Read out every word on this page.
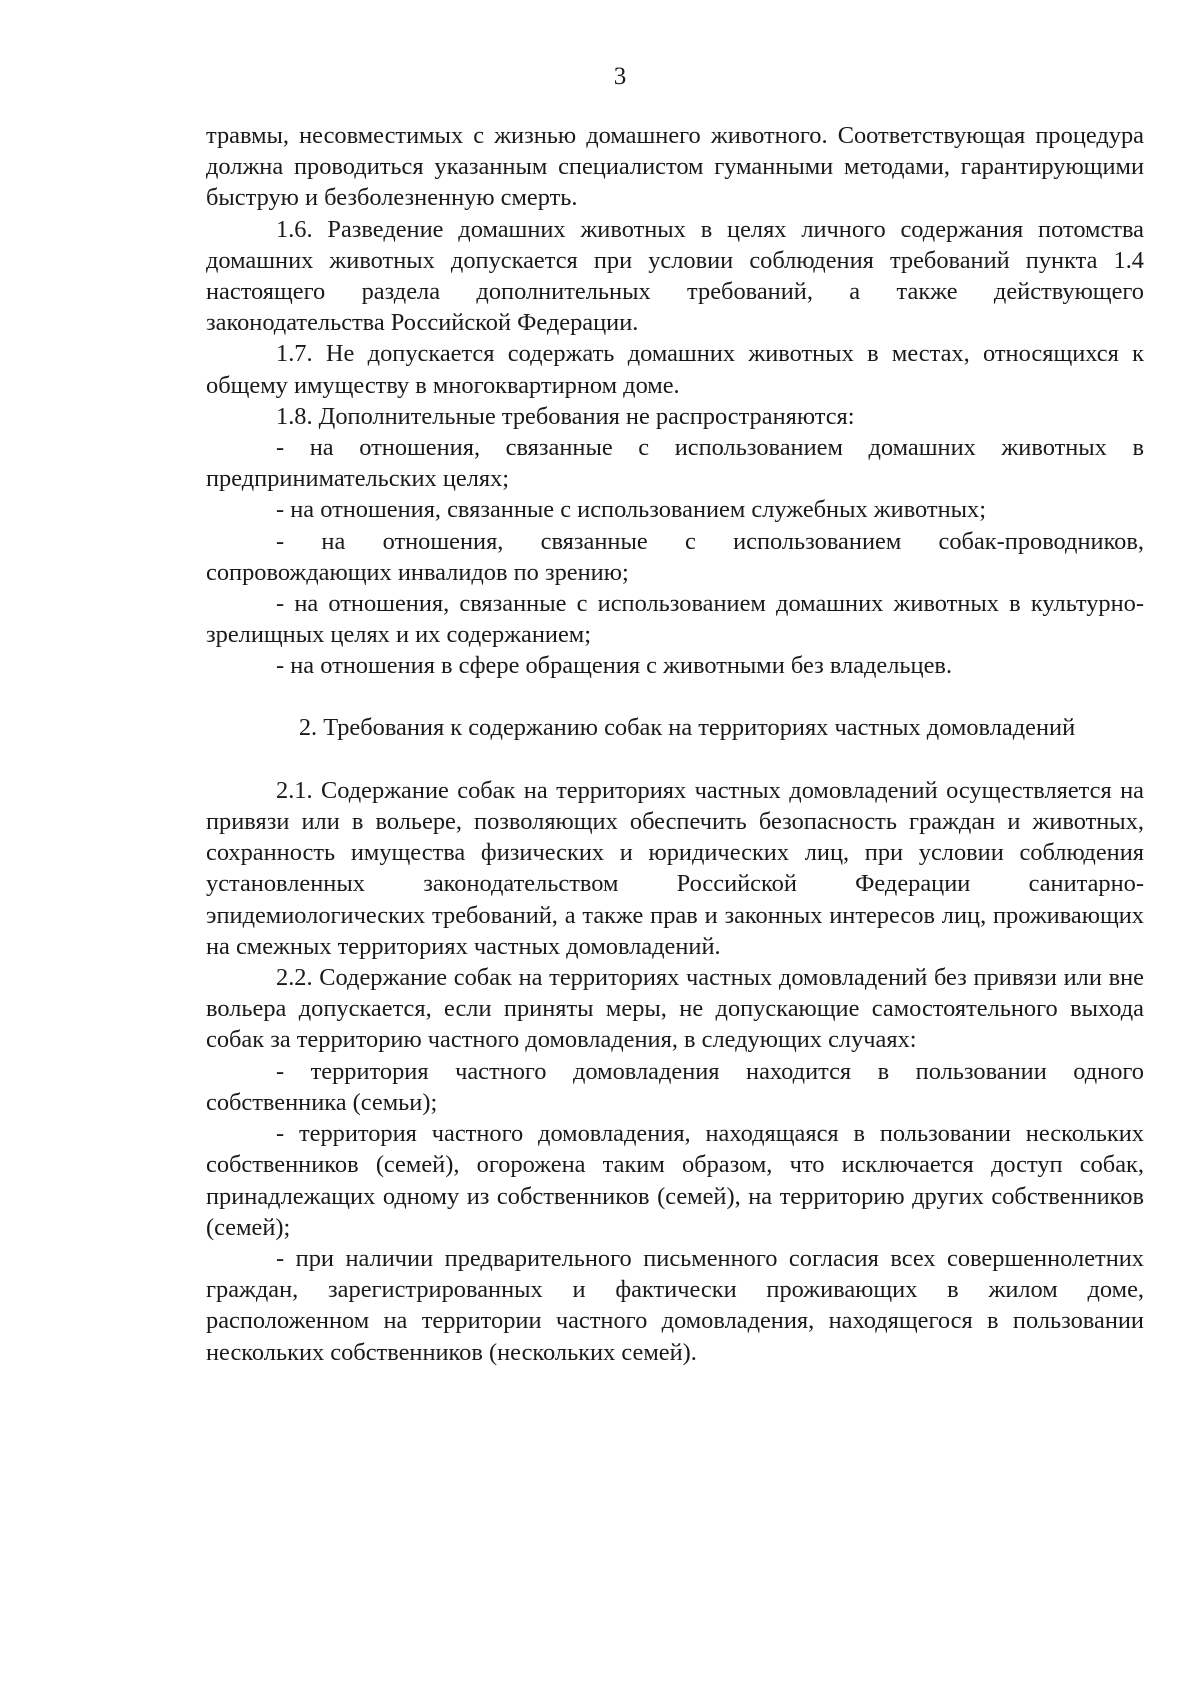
3

травмы, несовместимых с жизнью домашнего животного. Соответствующая процедура должна проводиться указанным специалистом гуманными методами, гарантирующими быструю и безболезненную смерть.

1.6. Разведение домашних животных в целях личного содержания потомства домашних животных допускается при условии соблюдения требований пункта 1.4 настоящего раздела дополнительных требований, а также действующего законодательства Российской Федерации.

1.7. Не допускается содержать домашних животных в местах, относящихся к общему имуществу в многоквартирном доме.

1.8. Дополнительные требования не распространяются:

- на отношения, связанные с использованием домашних животных в предпринимательских целях;

- на отношения, связанные с использованием служебных животных;

- на отношения, связанные с использованием собак-проводников, сопровождающих инвалидов по зрению;

- на отношения, связанные с использованием домашних животных в культурно-зрелищных целях и их содержанием;

- на отношения в сфере обращения с животными без владельцев.

2. Требования к содержанию собак на территориях частных домовладений

2.1. Содержание собак на территориях частных домовладений осуществляется на привязи или в вольере, позволяющих обеспечить безопасность граждан и животных, сохранность имущества физических и юридических лиц, при условии соблюдения установленных законодательством Российской Федерации санитарно-эпидемиологических требований, а также прав и законных интересов лиц, проживающих на смежных территориях частных домовладений.

2.2. Содержание собак на территориях частных домовладений без привязи или вне вольера допускается, если приняты меры, не допускающие самостоятельного выхода собак за территорию частного домовладения, в следующих случаях:

- территория частного домовладения находится в пользовании одного собственника (семьи);

- территория частного домовладения, находящаяся в пользовании нескольких собственников (семей), огорожена таким образом, что исключается доступ собак, принадлежащих одному из собственников (семей), на территорию других собственников (семей);

- при наличии предварительного письменного согласия всех совершеннолетних граждан, зарегистрированных и фактически проживающих в жилом доме, расположенном на территории частного домовладения, находящегося в пользовании нескольких собственников (нескольких семей).
